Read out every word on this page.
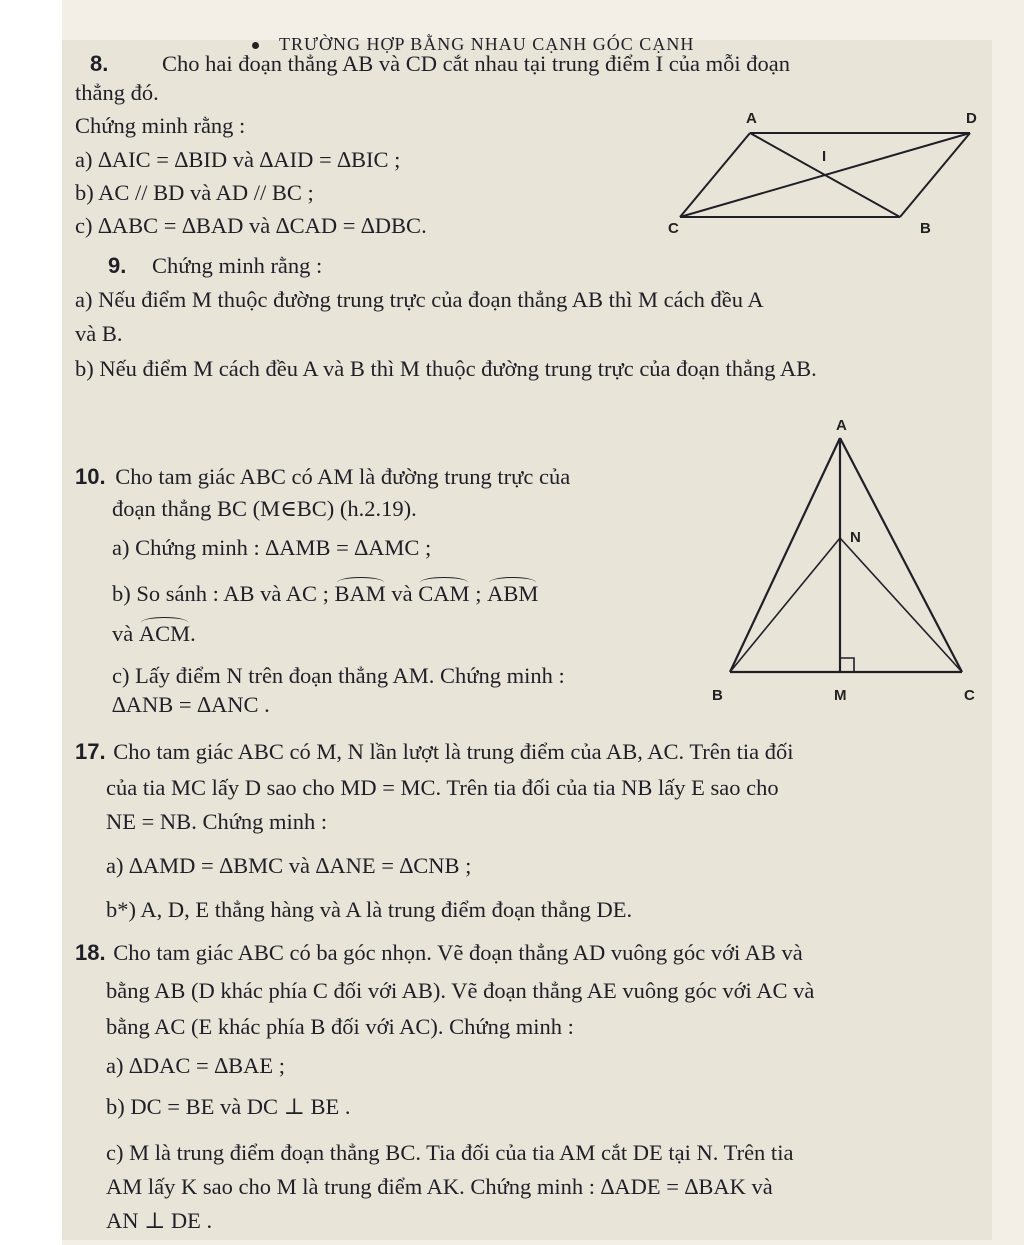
TRƯỜNG HỢP BẰNG NHAU CẠNH GÓC CẠNH
8. Cho hai đoạn thẳng AB và CD cắt nhau tại trung điểm I của mỗi đoạn
thẳng đó.
Chứng minh rằng :
a) ∆AIC = ∆BID và ∆AID = ∆BIC ;
b) AC // BD và AD // BC ;
c) ∆ABC = ∆BAD và ∆CAD = ∆DBC.
A	D
I
C	B
9. Chứng minh rằng :
a) Nếu điểm M thuộc đường trung trực của đoạn thẳng AB thì M cách đều A
và B.
b) Nếu điểm M cách đều A và B thì M thuộc đường trung trực của đoạn thẳng AB.
10. Cho tam giác ABC có AM là đường trung trực của
đoạn thẳng BC (M∈BC) (h.2.19).
a) Chứng minh : ∆AMB = ∆AMC ;
b) So sánh : AB và AC ; BAM và CAM ; ABM
và ACM.
c) Lấy điểm N trên đoạn thẳng AM. Chứng minh :
∆ANB = ∆ANC .
A
N
B	M	C
17. Cho tam giác ABC có M, N lần lượt là trung điểm của AB, AC. Trên tia đối
của tia MC lấy D sao cho MD = MC. Trên tia đối của tia NB lấy E sao cho
NE = NB. Chứng minh :
a) ∆AMD = ∆BMC và ∆ANE = ∆CNB ;
b*) A, D, E thẳng hàng và A là trung điểm đoạn thẳng DE.
18. Cho tam giác ABC có ba góc nhọn. Vẽ đoạn thẳng AD vuông góc với AB và
bằng AB (D khác phía C đối với AB). Vẽ đoạn thẳng AE vuông góc với AC và
bằng AC (E khác phía B đối với AC). Chứng minh :
a) ∆DAC = ∆BAE ;
b) DC = BE và DC ⊥ BE .
c) M là trung điểm đoạn thẳng BC. Tia đối của tia AM cắt DE tại N. Trên tia
AM lấy K sao cho M là trung điểm AK. Chứng minh : ∆ADE = ∆BAK và
AN ⊥ DE .
